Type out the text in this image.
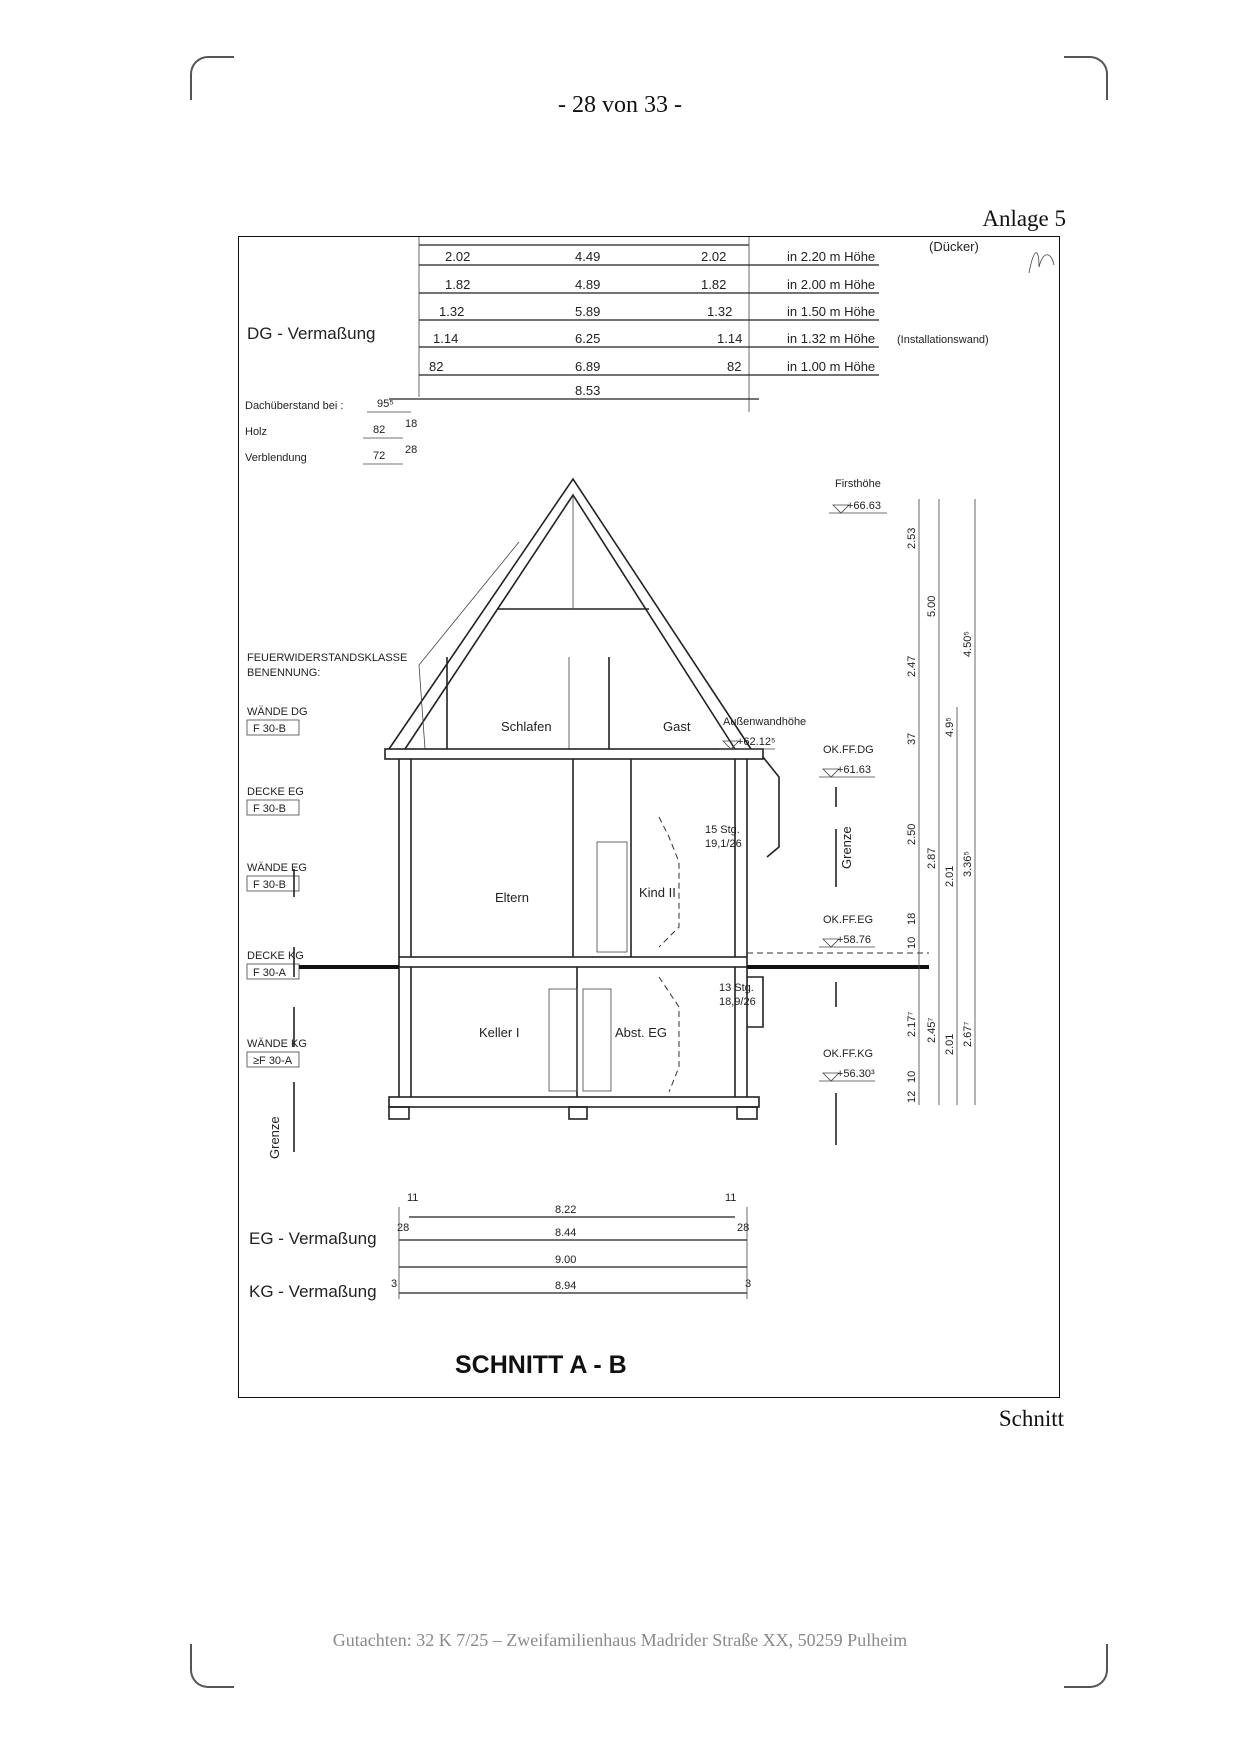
- 28 von 33 -
Anlage 5
2.02	4.49	2.02	in 2.20 m Höhe
1.82	4.89	1.82	in 2.00 m Höhe
1.32	5.89	1.32	in 1.50 m Höhe
1.14	6.25	1.14	in 1.32 m Höhe (Installationswand)
82	6.89	82	in 1.00 m Höhe
8.53
DG - Vermaßung
(Dücker)
Dachüberstand bei :	95⁵
Holz	82 18
Verblendung	72 28
FEUERWIDERSTANDSKLASSE
BENENNUNG:
WÄNDE DG
F 30-B
DECKE EG
F 30-B
WÄNDE EG
F 30-B
DECKE KG
F 30-A
WÄNDE KG
≥F 30-A
Grenze
Schlafen	Gast
Eltern	Kind II
15 Stg.
19,1/26
Keller I	Abst. EG
13 Stg.
18,9/26
Firsthöhe
+66.63
Außenwandhöhe
+62.12⁵
OK.FF.DG
+61.63
Grenze
OK.FF.EG
+58.76
OK.FF.KG
+56.30³
2.53
2.47
37
2.50
18
10
2.17⁷
10
12
5.00
2.87
2.45⁷
4.9⁵
2.01
2.01
4.50⁵
3.36⁵
2.67⁷
11	11
8.22
28	28
8.44
EG - Vermaßung
9.00
8.94
3	3
KG - Vermaßung
SCHNITT A - B
Schnitt
Gutachten: 32 K 7/25 – Zweifamilienhaus Madrider Straße XX, 50259 Pulheim
